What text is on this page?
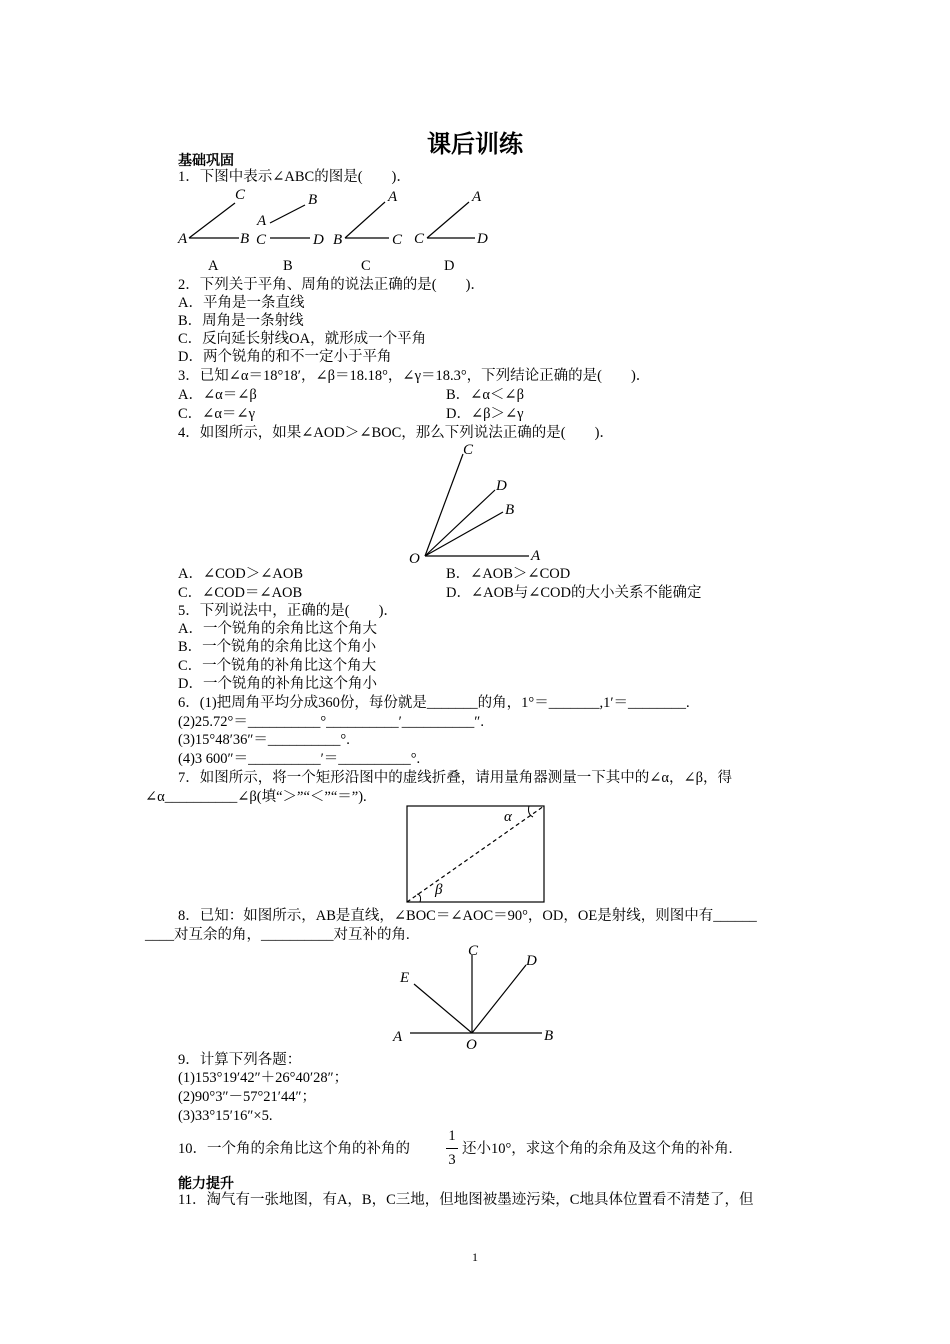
课后训练
基础巩固
1．下图中表示∠ABC的图是(　　)．
C
A	B
B
A
C	D
A
B	C
A
C	D
A	B	C	D
2．下列关于平角、周角的说法正确的是(　　)．
A．平角是一条直线
B．周角是一条射线
C．反向延长射线OA，就形成一个平角
D．两个锐角的和不一定小于平角
3．已知∠α＝18°18′，∠β＝18.18°，∠γ＝18.3°，下列结论正确的是(　　)．
A．∠α＝∠β	B．∠α＜∠β
C．∠α＝∠γ	D．∠β＞∠γ
4．如图所示，如果∠AOD＞∠BOC，那么下列说法正确的是(　　)．
C
D
B
O	A
A．∠COD＞∠AOB	B．∠AOB＞∠COD
C．∠COD＝∠AOB	D．∠AOB与∠COD的大小关系不能确定
5．下列说法中，正确的是(　　)．
A．一个锐角的余角比这个角大
B．一个锐角的余角比这个角小
C．一个锐角的补角比这个角大
D．一个锐角的补角比这个角小
6．(1)把周角平均分成360份，每份就是_______的角，1°＝_______,1′＝________.
(2)25.72°＝__________°__________′__________″.
(3)15°48′36″＝__________°.
(4)3 600″＝__________′＝__________°.
7．如图所示，将一个矩形沿图中的虚线折叠，请用量角器测量一下其中的∠α，∠β，得
∠α__________∠β(填“＞”“＜”“＝”).
α
β
8．已知：如图所示，AB是直线，∠BOC＝∠AOC＝90°，OD，OE是射线，则图中有______
____对互余的角，__________对互补的角.
C
D
E
A	O
B
9．计算下列各题：
(1)153°19′42″＋26°40′28″；
(2)90°3″－57°21′44″；
(3)33°15′16″×5.
10．一个角的余角比这个角的补角的
1
3
还小10°，求这个角的余角及这个角的补角.
能力提升
11．淘气有一张地图，有A，B，C三地，但地图被墨迹污染，C地具体位置看不清楚了，但
1
